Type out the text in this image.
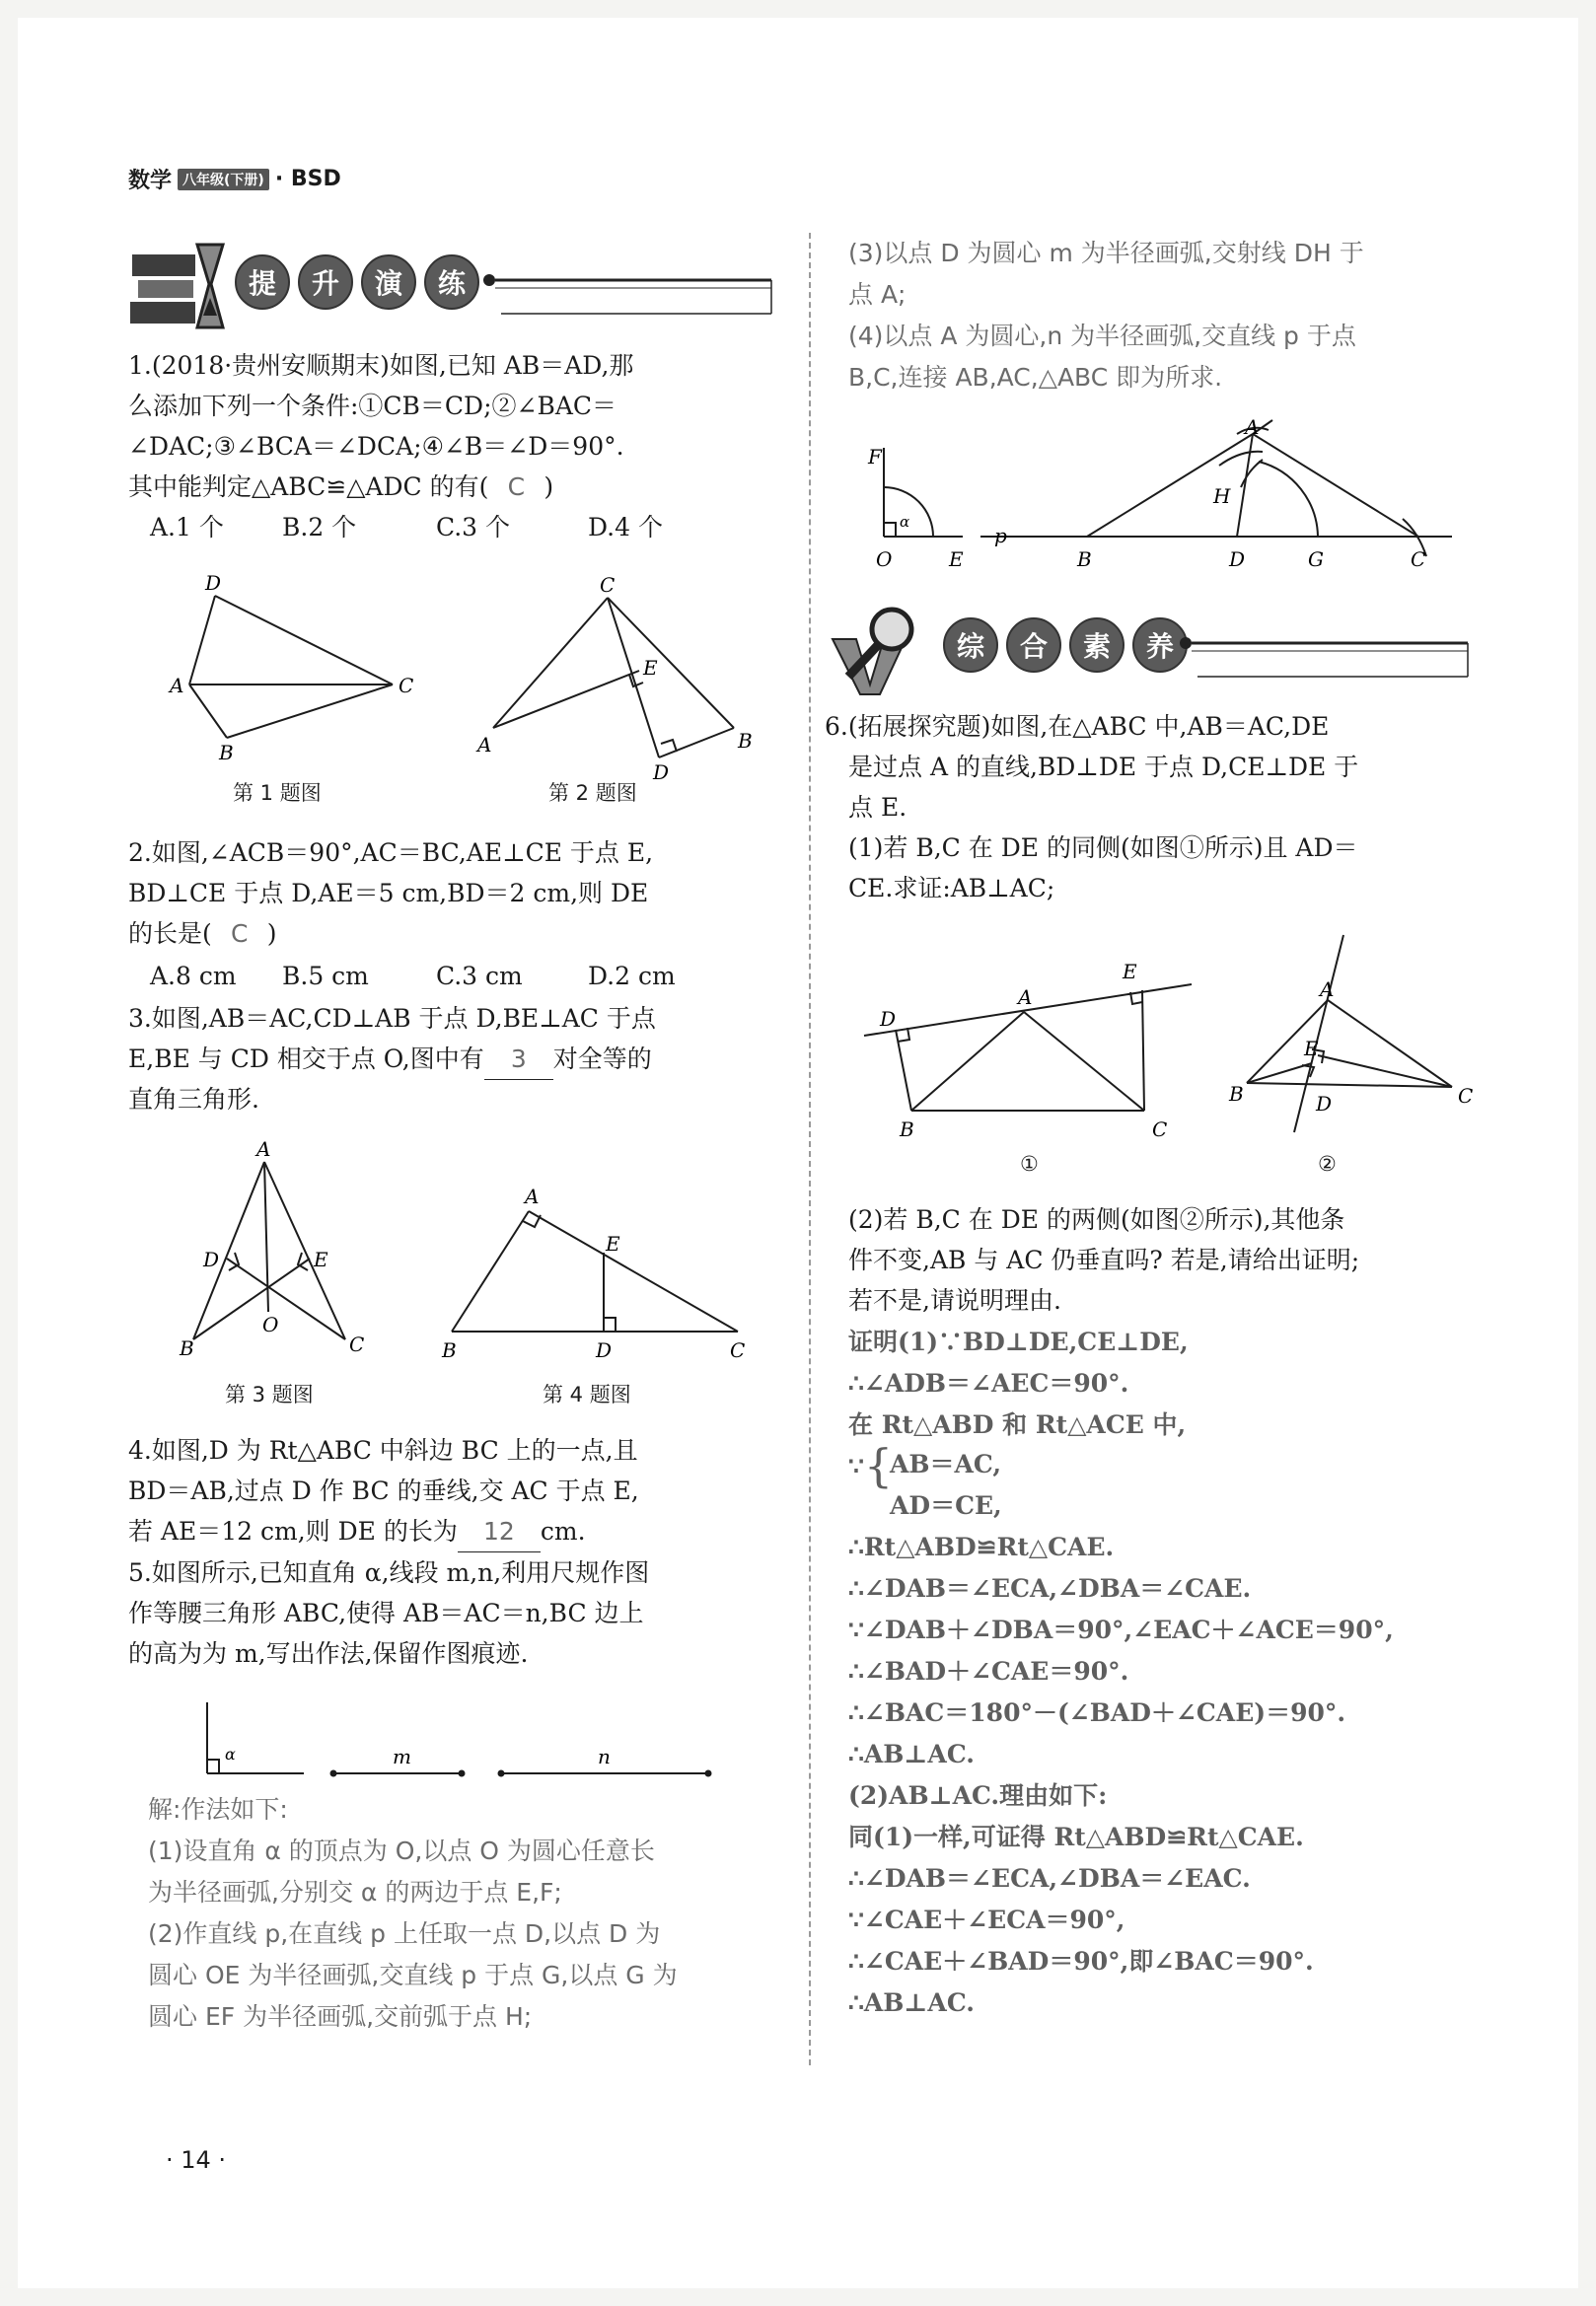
数学 八年级(下册) · BSD
提	升	演	练
1.(2018·贵州安顺期末)如图,已知 AB＝AD,那
么添加下列一个条件:①CB＝CD;②∠BAC＝
∠DAC;③∠BCA＝∠DCA;④∠B＝∠D＝90°.
其中能判定△ABC≌△ADC 的有( C )
A.1 个 B.2 个	C.3 个	D.4 个
D
A	C
B
第 1 题图
C
E
A	B
D
第 2 题图
2.如图,∠ACB＝90°,AC＝BC,AE⊥CE 于点 E,
BD⊥CE 于点 D,AE＝5 cm,BD＝2 cm,则 DE
的长是( C )
A.8 cm B.5 cm	C.3 cm	D.2 cm
3.如图,AB＝AC,CD⊥AB 于点 D,BE⊥AC 于点
E,BE 与 CD 相交于点 O,图中有 3 对全等的
直角三角形.
A
D	E
O
B	C
第 3 题图
A
E
B	D	C
第 4 题图
4.如图,D 为 Rt△ABC 中斜边 BC 上的一点,且
BD＝AB,过点 D 作 BC 的垂线,交 AC 于点 E,
若 AE＝12 cm,则 DE 的长为 12 cm.
5.如图所示,已知直角 α,线段 m,n,利用尺规作图
作等腰三角形 ABC,使得 AB＝AC＝n,BC 边上
的高为为 m,写出作法,保留作图痕迹.
α	m	n
解:作法如下:
(1)设直角 α 的顶点为 O,以点 O 为圆心任意长
为半径画弧,分别交 α 的两边于点 E,F;
(2)作直线 p,在直线 p 上任取一点 D,以点 D 为
圆心 OE 为半径画弧,交直线 p 于点 G,以点 G 为
圆心 EF 为半径画弧,交前弧于点 H;
(3)以点 D 为圆心 m 为半径画弧,交射线 DH 于
点 A;
(4)以点 A 为圆心,n 为半径画弧,交直线 p 于点
B,C,连接 AB,AC,△ABC 即为所求.
F
α
O	E
p
B
A
H
D	G	C
综	合	素	养
6.(拓展探究题)如图,在△ABC 中,AB＝AC,DE
是过点 A 的直线,BD⊥DE 于点 D,CE⊥DE 于
点 E.
(1)若 B,C 在 DE 的同侧(如图①所示)且 AD＝
CE.求证:AB⊥AC;
D
A
E
B	C
①
A
E
B	D	C
②
(2)若 B,C 在 DE 的两侧(如图②所示),其他条
件不变,AB 与 AC 仍垂直吗? 若是,请给出证明;
若不是,请说明理由.
证明(1)∵BD⊥DE,CE⊥DE,
∴∠ADB＝∠AEC＝90°.
在 Rt△ABD 和 Rt△ACE 中,
∵{
AB＝AC,
AD＝CE,
∴Rt△ABD≌Rt△CAE.
∴∠DAB＝∠ECA,∠DBA＝∠CAE.
∵∠DAB＋∠DBA＝90°,∠EAC＋∠ACE＝90°,
∴∠BAD＋∠CAE＝90°.
∴∠BAC＝180°－(∠BAD＋∠CAE)＝90°.
∴AB⊥AC.
(2)AB⊥AC.理由如下:
同(1)一样,可证得 Rt△ABD≌Rt△CAE.
∴∠DAB＝∠ECA,∠DBA＝∠EAC.
∵∠CAE＋∠ECA＝90°,
∴∠CAE＋∠BAD＝90°,即∠BAC＝90°.
∴AB⊥AC.
· 14 ·
